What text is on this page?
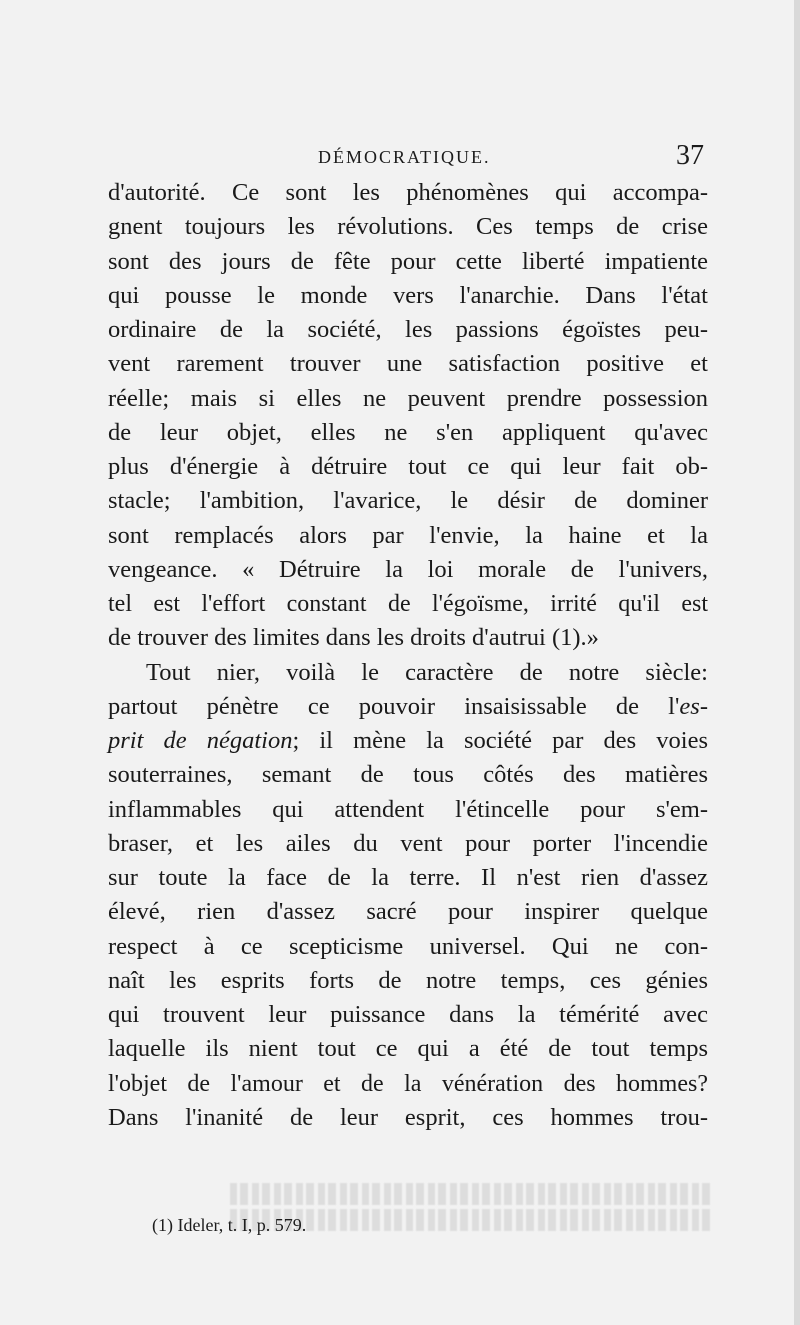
DÉMOCRATIQUE.	37
d'autorité. Ce sont les phénomènes qui accompa-
gnent toujours les révolutions. Ces temps de crise
sont des jours de fête pour cette liberté impatiente
qui pousse le monde vers l'anarchie. Dans l'état
ordinaire de la société, les passions égoïstes peu-
vent rarement trouver une satisfaction positive et
réelle; mais si elles ne peuvent prendre possession
de leur objet, elles ne s'en appliquent qu'avec
plus d'énergie à détruire tout ce qui leur fait ob-
stacle; l'ambition, l'avarice, le désir de dominer
sont remplacés alors par l'envie, la haine et la
vengeance. « Détruire la loi morale de l'univers,
tel est l'effort constant de l'égoïsme, irrité qu'il est
de trouver des limites dans les droits d'autrui (1).»
Tout nier, voilà le caractère de notre siècle:
partout pénètre ce pouvoir insaisissable de l'es-
prit de négation; il mène la société par des voies
souterraines, semant de tous côtés des matières
inflammables qui attendent l'étincelle pour s'em-
braser, et les ailes du vent pour porter l'incendie
sur toute la face de la terre. Il n'est rien d'assez
élevé, rien d'assez sacré pour inspirer quelque
respect à ce scepticisme universel. Qui ne con-
naît les esprits forts de notre temps, ces génies
qui trouvent leur puissance dans la témérité avec
laquelle ils nient tout ce qui a été de tout temps
l'objet de l'amour et de la vénération des hommes?
Dans l'inanité de leur esprit, ces hommes trou-
(1) Ideler, t. I, p. 579.
